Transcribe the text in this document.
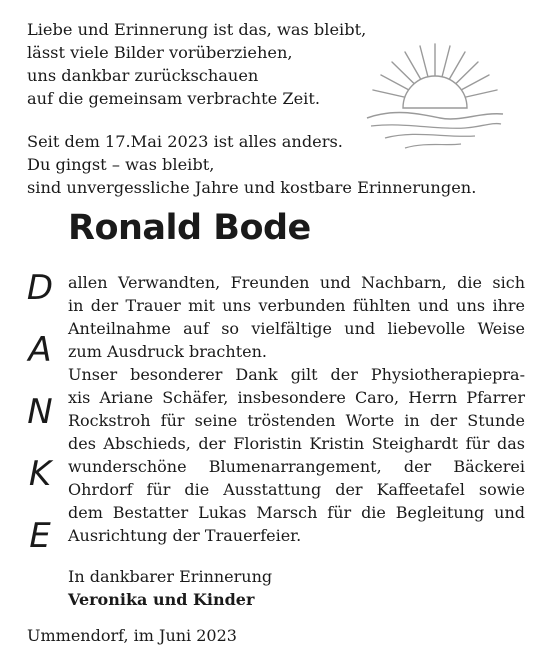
Liebe und Erinnerung ist das, was bleibt,
lässt viele Bilder vorüberziehen,
uns dankbar zurückschauen
auf die gemeinsam verbrachte Zeit.
Seit dem 17.Mai 2023 ist alles anders.
Du gingst – was bleibt,
sind unvergessliche Jahre und kostbare Erinnerungen.
Ronald Bode
D
A
N
K
E
allen Verwandten, Freunden und Nachbarn, die sich
in der Trauer mit uns verbunden fühlten und uns ihre
Anteilnahme auf so vielfältige und liebevolle Weise
zum Ausdruck brachten.
Unser besonderer Dank gilt der Physiotherapiepra-
xis Ariane Schäfer, insbesondere Caro, Herrn Pfarrer
Rockstroh für seine tröstenden Worte in der Stunde
des Abschieds, der Floristin Kristin Steighardt für das
wunderschöne Blumenarrangement, der Bäckerei
Ohrdorf für die Ausstattung der Kaffeetafel sowie
dem Bestatter Lukas Marsch für die Begleitung und
Ausrichtung der Trauerfeier.
In dankbarer Erinnerung
Veronika und Kinder
Ummendorf, im Juni 2023
